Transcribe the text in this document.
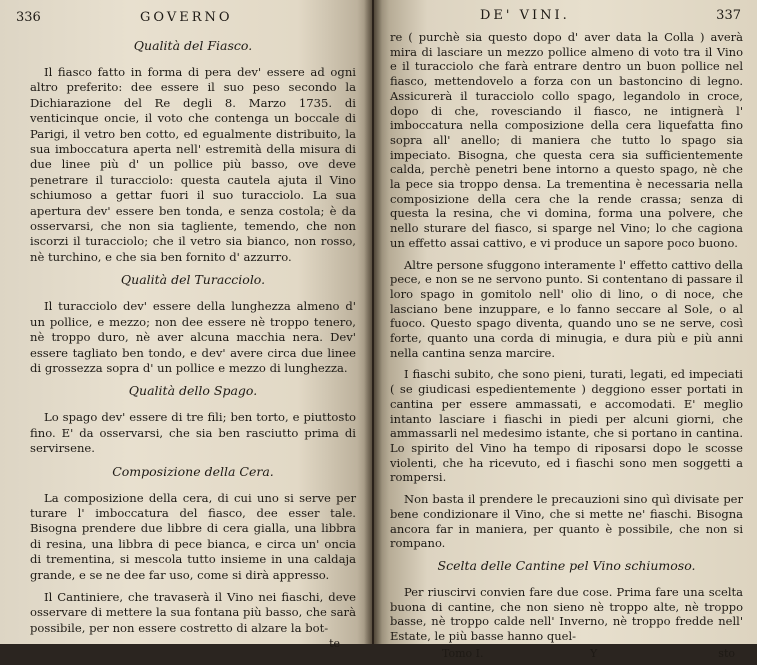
336	GOVERNO
Qualità del Fiasco.

Il fiasco fatto in forma di pera dev' essere ad ogni altro preferito: dee essere il suo peso secondo la Dichiarazione del Re degli 8. Marzo 1735. di venticinque oncie, il voto che contenga un boccale di Parigi, il vetro ben cotto, ed egualmente distribuito, la sua imboccatura aperta nell' estremità della misura di due linee più d' un pollice più basso, ove deve penetrare il turacciolo: questa cautela ajuta il Vino schiumoso a gettar fuori il suo turacciolo. La sua apertura dev' essere ben tonda, e senza costola; è da osservarsi, che non sia tagliente, temendo, che non iscorzi il turacciolo; che il vetro sia bianco, non rosso, nè turchino, e che sia ben fornito d' azzurro.

Qualità del Turacciolo.

Il turacciolo dev' essere della lunghezza almeno d' un pollice, e mezzo; non dee essere nè troppo tenero, nè troppo duro, nè aver alcuna macchia nera. Dev' essere tagliato ben tondo, e dev' avere circa due linee di grossezza sopra d' un pollice e mezzo di lunghezza.

Qualità dello Spago.

Lo spago dev' essere di tre fili; ben torto, e piuttosto fino. E' da osservarsi, che sia ben rasciutto prima di servirsene.

Composizione della Cera.

La composizione della cera, di cui uno si serve per turare l' imboccatura del fiasco, dee esser tale. Bisogna prendere due libbre di cera gialla, una libbra di resina, una libbra di pece bianca, e circa un' oncia di trementina, si mescola tutto insieme in una caldaja grande, e se ne dee far uso, come si dirà appresso.

Il Cantiniere, che travaserà il Vino nei fiaschi, deve osservare di mettere la sua fontana più basso, che sarà possibile, per non essere costretto di alzare la bot-

te
DE' VINI.	337

re ( purchè sia questo dopo d' aver data la Colla ) averà mira di lasciare un mezzo pollice almeno di voto tra il Vino e il turacciolo che farà entrare dentro un buon pollice nel fiasco, mettendovelo a forza con un bastoncino di legno. Assicurerà il turacciolo collo spago, legandolo in croce, dopo di che, rovesciando il fiasco, ne intignerà l' imboccatura nella composizione della cera liquefatta fino sopra all' anello; di maniera che tutto lo spago sia impeciato. Bisogna, che questa cera sia sufficientemente calda, perchè penetri bene intorno a questo spago, nè che la pece sia troppo densa. La trementina è necessaria nella composizione della cera che la rende crassa; senza di questa la resina, che vi domina, forma una polvere, che nello sturare del fiasco, si sparge nel Vino; lo che cagiona un effetto assai cattivo, e vi produce un sapore poco buono.

Altre persone sfuggono interamente l' effetto cattivo della pece, e non se ne servono punto. Si contentano di passare il loro spago in gomitolo nell' olio di lino, o di noce, che lasciano bene inzuppare, e lo fanno seccare al Sole, o al fuoco. Questo spago diventa, quando uno se ne serve, così forte, quanto una corda di minugia, e dura più e più anni nella cantina senza marcire.

I fiaschi subito, che sono pieni, turati, legati, ed impeciati ( se giudicasi espedientemente ) deggiono esser portati in cantina per essere ammassati, e accomodati. E' meglio intanto lasciare i fiaschi in piedi per alcuni giorni, che ammassarli nel medesimo istante, che si portano in cantina. Lo spirito del Vino ha tempo di riposarsi dopo le scosse violenti, che ha ricevuto, ed i fiaschi sono men soggetti a rompersi.

Non basta il prendere le precauzioni sino quì divisate per bene condizionare il Vino, che si mette ne' fiaschi. Bisogna ancora far in maniera, per quanto è possibile, che non si rompano.

Scelta delle Cantine pel Vino schiumoso.

Per riuscirvi convien fare due cose. Prima fare una scelta buona di cantine, che non sieno nè troppo alte, nè troppo basse, nè troppo calde nell' Inverno, nè troppo fredde nell' Estate, le più basse hanno quel-

Tomo I.	Y	sto
